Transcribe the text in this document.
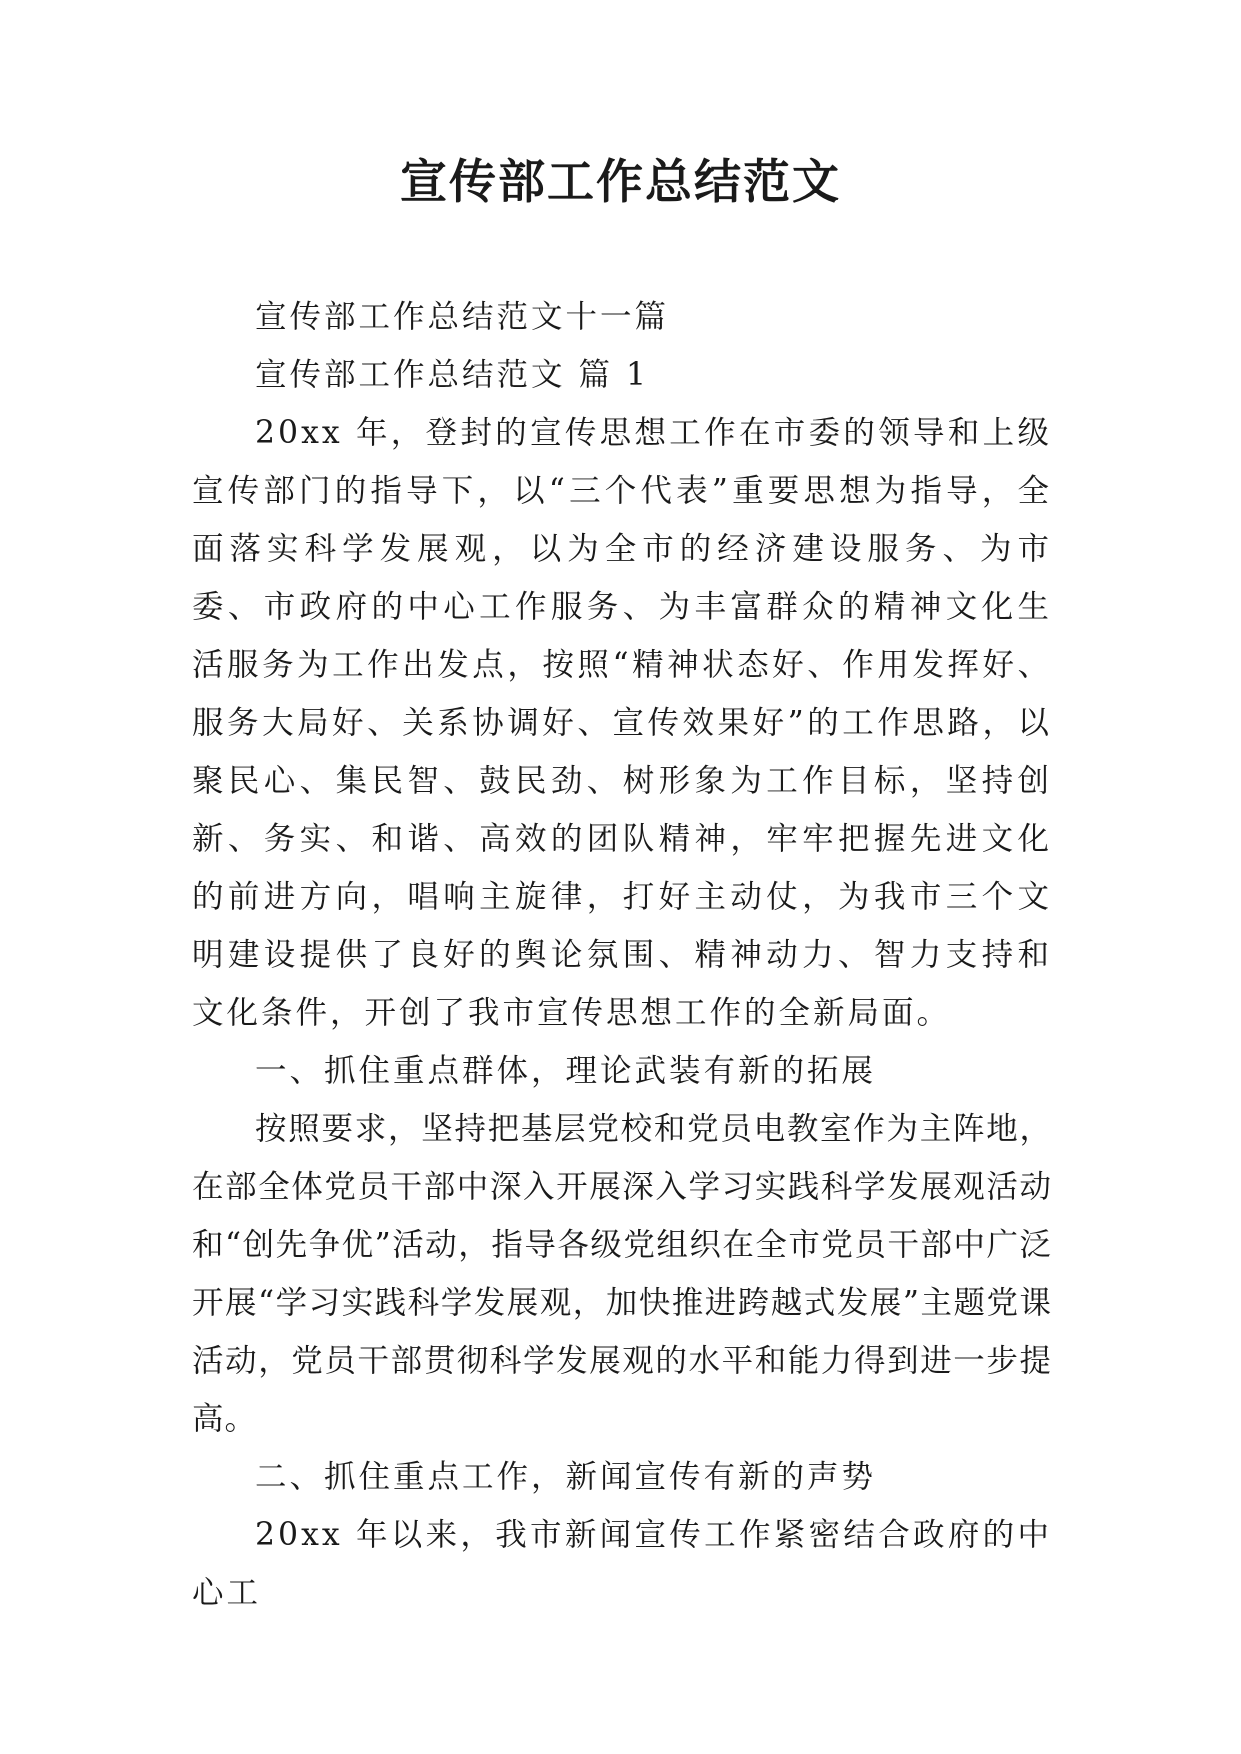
宣传部工作总结范文

宣传部工作总结范文十一篇

宣传部工作总结范文 篇 1

20xx 年，登封的宣传思想工作在市委的领导和上级宣传部门的指导下，以“三个代表”重要思想为指导，全面落实科学发展观，以为全市的经济建设服务、为市委、市政府的中心工作服务、为丰富群众的精神文化生活服务为工作出发点，按照“精神状态好、作用发挥好、服务大局好、关系协调好、宣传效果好”的工作思路，以聚民心、集民智、鼓民劲、树形象为工作目标，坚持创新、务实、和谐、高效的团队精神，牢牢把握先进文化的前进方向，唱响主旋律，打好主动仗，为我市三个文明建设提供了良好的舆论氛围、精神动力、智力支持和文化条件，开创了我市宣传思想工作的全新局面。

一、抓住重点群体，理论武装有新的拓展

按照要求，坚持把基层党校和党员电教室作为主阵地，在部全体党员干部中深入开展深入学习实践科学发展观活动和“创先争优”活动，指导各级党组织在全市党员干部中广泛开展“学习实践科学发展观，加快推进跨越式发展”主题党课活动，党员干部贯彻科学发展观的水平和能力得到进一步提高。

二、抓住重点工作，新闻宣传有新的声势

20xx 年以来，我市新闻宣传工作紧密结合政府的中心工
